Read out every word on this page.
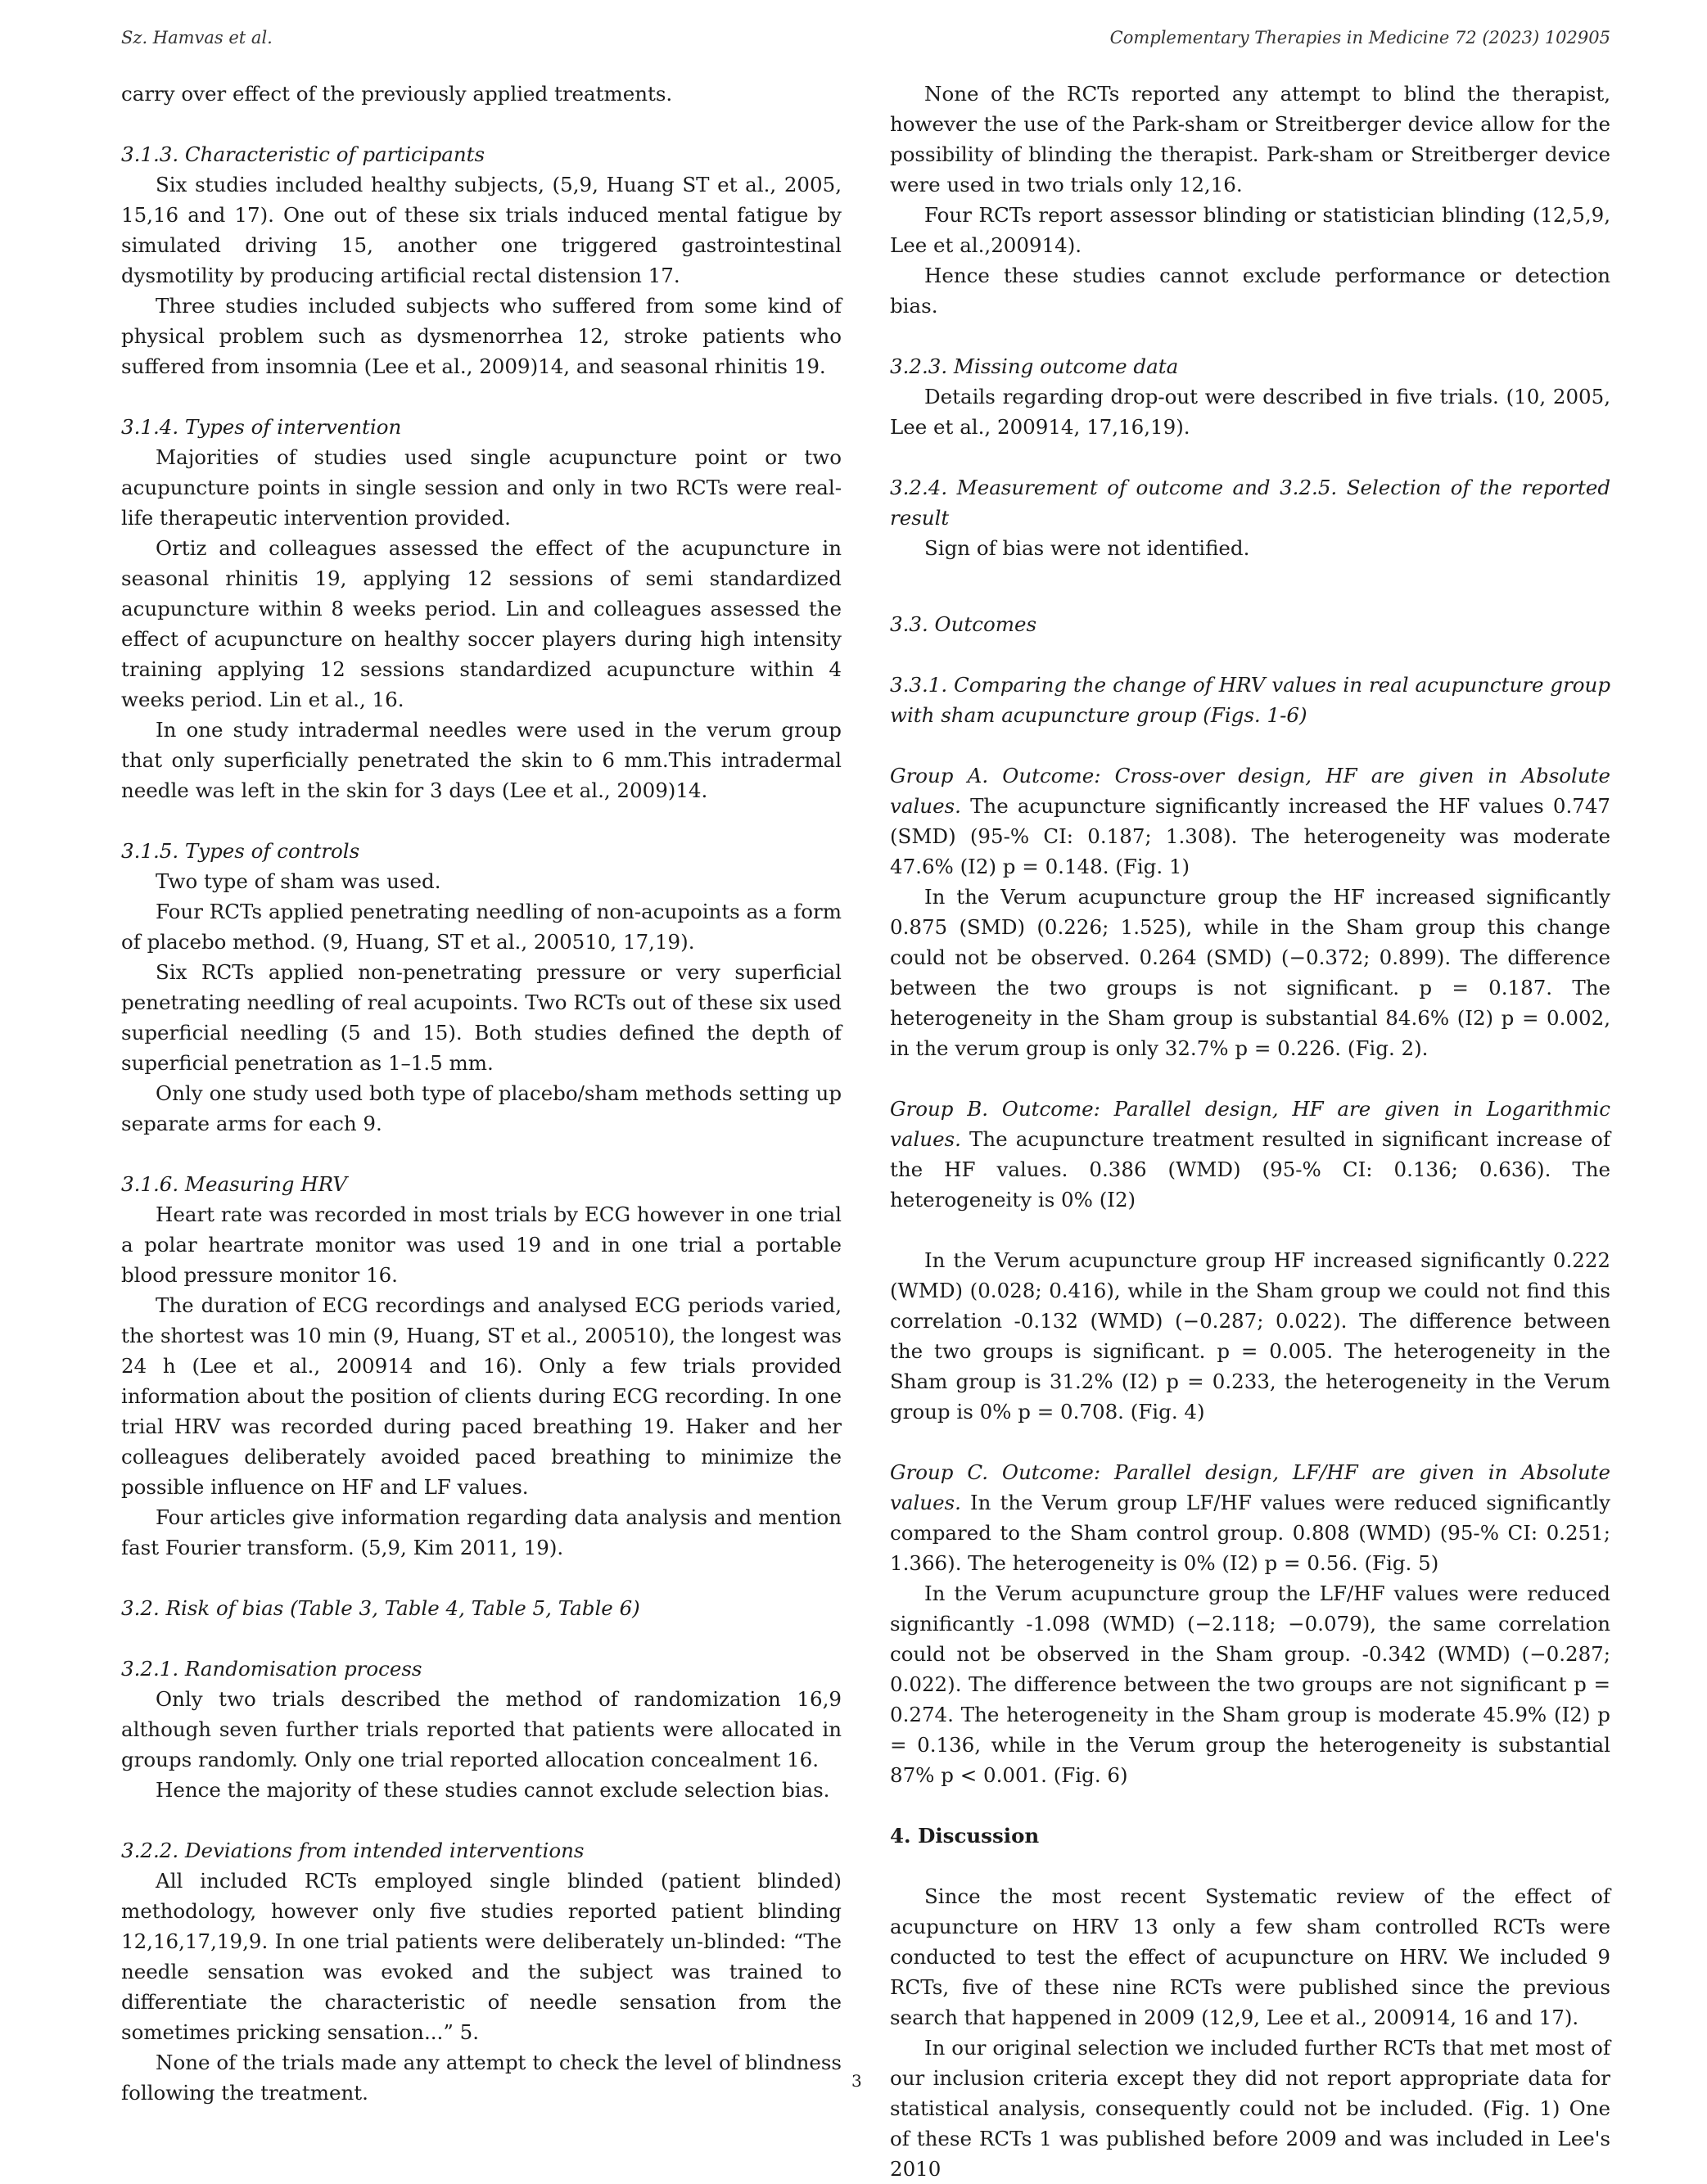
Sz. Hamvas et al.	Complementary Therapies in Medicine 72 (2023) 102905

carry over effect of the previously applied treatments.

3.1.3. Characteristic of participants

Six studies included healthy subjects, (5,9, Huang ST et al., 2005, 15,16 and 17). One out of these six trials induced mental fatigue by simulated driving 15, another one triggered gastrointestinal dysmotility by producing artificial rectal distension 17.

Three studies included subjects who suffered from some kind of physical problem such as dysmenorrhea 12, stroke patients who suffered from insomnia (Lee et al., 2009)14, and seasonal rhinitis 19.

3.1.4. Types of intervention

Majorities of studies used single acupuncture point or two acupuncture points in single session and only in two RCTs were real-life therapeutic intervention provided.

Ortiz and colleagues assessed the effect of the acupuncture in seasonal rhinitis 19, applying 12 sessions of semi standardized acupuncture within 8 weeks period. Lin and colleagues assessed the effect of acupuncture on healthy soccer players during high intensity training applying 12 sessions standardized acupuncture within 4 weeks period. Lin et al., 16.

In one study intradermal needles were used in the verum group that only superficially penetrated the skin to 6 mm.This intradermal needle was left in the skin for 3 days (Lee et al., 2009)14.

3.1.5. Types of controls

Two type of sham was used.

Four RCTs applied penetrating needling of non-acupoints as a form of placebo method. (9, Huang, ST et al., 200510, 17,19).

Six RCTs applied non-penetrating pressure or very superficial penetrating needling of real acupoints. Two RCTs out of these six used superficial needling (5 and 15). Both studies defined the depth of superficial penetration as 1–1.5 mm.

Only one study used both type of placebo/sham methods setting up separate arms for each 9.

3.1.6. Measuring HRV

Heart rate was recorded in most trials by ECG however in one trial a polar heartrate monitor was used 19 and in one trial a portable blood pressure monitor 16.

The duration of ECG recordings and analysed ECG periods varied, the shortest was 10 min (9, Huang, ST et al., 200510), the longest was 24 h (Lee et al., 200914 and 16). Only a few trials provided information about the position of clients during ECG recording. In one trial HRV was recorded during paced breathing 19. Haker and her colleagues deliberately avoided paced breathing to minimize the possible influence on HF and LF values.

Four articles give information regarding data analysis and mention fast Fourier transform. (5,9, Kim 2011, 19).

3.2. Risk of bias (Table 3, Table 4, Table 5, Table 6)

3.2.1. Randomisation process

Only two trials described the method of randomization 16,9 although seven further trials reported that patients were allocated in groups randomly. Only one trial reported allocation concealment 16.

Hence the majority of these studies cannot exclude selection bias.

3.2.2. Deviations from intended interventions

All included RCTs employed single blinded (patient blinded) methodology, however only five studies reported patient blinding 12,16,17,19,9. In one trial patients were deliberately un-blinded: “The needle sensation was evoked and the subject was trained to differentiate the characteristic of needle sensation from the sometimes pricking sensation...” 5.

None of the trials made any attempt to check the level of blindness following the treatment.

None of the RCTs reported any attempt to blind the therapist, however the use of the Park-sham or Streitberger device allow for the possibility of blinding the therapist. Park-sham or Streitberger device were used in two trials only 12,16.

Four RCTs report assessor blinding or statistician blinding (12,5,9, Lee et al.,200914).

Hence these studies cannot exclude performance or detection bias.

3.2.3. Missing outcome data

Details regarding drop-out were described in five trials. (10, 2005, Lee et al., 200914, 17,16,19).

3.2.4. Measurement of outcome and 3.2.5. Selection of the reported result

Sign of bias were not identified.

3.3. Outcomes

3.3.1. Comparing the change of HRV values in real acupuncture group with sham acupuncture group (Figs. 1-6)

Group A. Outcome: Cross-over design, HF are given in Absolute values. The acupuncture significantly increased the HF values 0.747 (SMD) (95-% CI: 0.187; 1.308). The heterogeneity was moderate 47.6% (I2) p = 0.148. (Fig. 1)

In the Verum acupuncture group the HF increased significantly 0.875 (SMD) (0.226; 1.525), while in the Sham group this change could not be observed. 0.264 (SMD) (−0.372; 0.899). The difference between the two groups is not significant. p = 0.187. The heterogeneity in the Sham group is substantial 84.6% (I2) p = 0.002, in the verum group is only 32.7% p = 0.226. (Fig. 2).

Group B. Outcome: Parallel design, HF are given in Logarithmic values. The acupuncture treatment resulted in significant increase of the HF values. 0.386 (WMD) (95-% CI: 0.136; 0.636). The heterogeneity is 0% (I2)

In the Verum acupuncture group HF increased significantly 0.222 (WMD) (0.028; 0.416), while in the Sham group we could not find this correlation -0.132 (WMD) (−0.287; 0.022). The difference between the two groups is significant. p = 0.005. The heterogeneity in the Sham group is 31.2% (I2) p = 0.233, the heterogeneity in the Verum group is 0% p = 0.708. (Fig. 4)

Group C. Outcome: Parallel design, LF/HF are given in Absolute values. In the Verum group LF/HF values were reduced significantly compared to the Sham control group. 0.808 (WMD) (95-% CI: 0.251; 1.366). The heterogeneity is 0% (I2) p = 0.56. (Fig. 5)

In the Verum acupuncture group the LF/HF values were reduced significantly -1.098 (WMD) (−2.118; −0.079), the same correlation could not be observed in the Sham group. -0.342 (WMD) (−0.287; 0.022). The difference between the two groups are not significant p = 0.274. The heterogeneity in the Sham group is moderate 45.9% (I2) p = 0.136, while in the Verum group the heterogeneity is substantial 87% p < 0.001. (Fig. 6)

4. Discussion

Since the most recent Systematic review of the effect of acupuncture on HRV 13 only a few sham controlled RCTs were conducted to test the effect of acupuncture on HRV. We included 9 RCTs, five of these nine RCTs were published since the previous search that happened in 2009 (12,9, Lee et al., 200914, 16 and 17).

In our original selection we included further RCTs that met most of our inclusion criteria except they did not report appropriate data for statistical analysis, consequently could not be included. (Fig. 1) One of these RCTs 1 was published before 2009 and was included in Lee's 2010

3
